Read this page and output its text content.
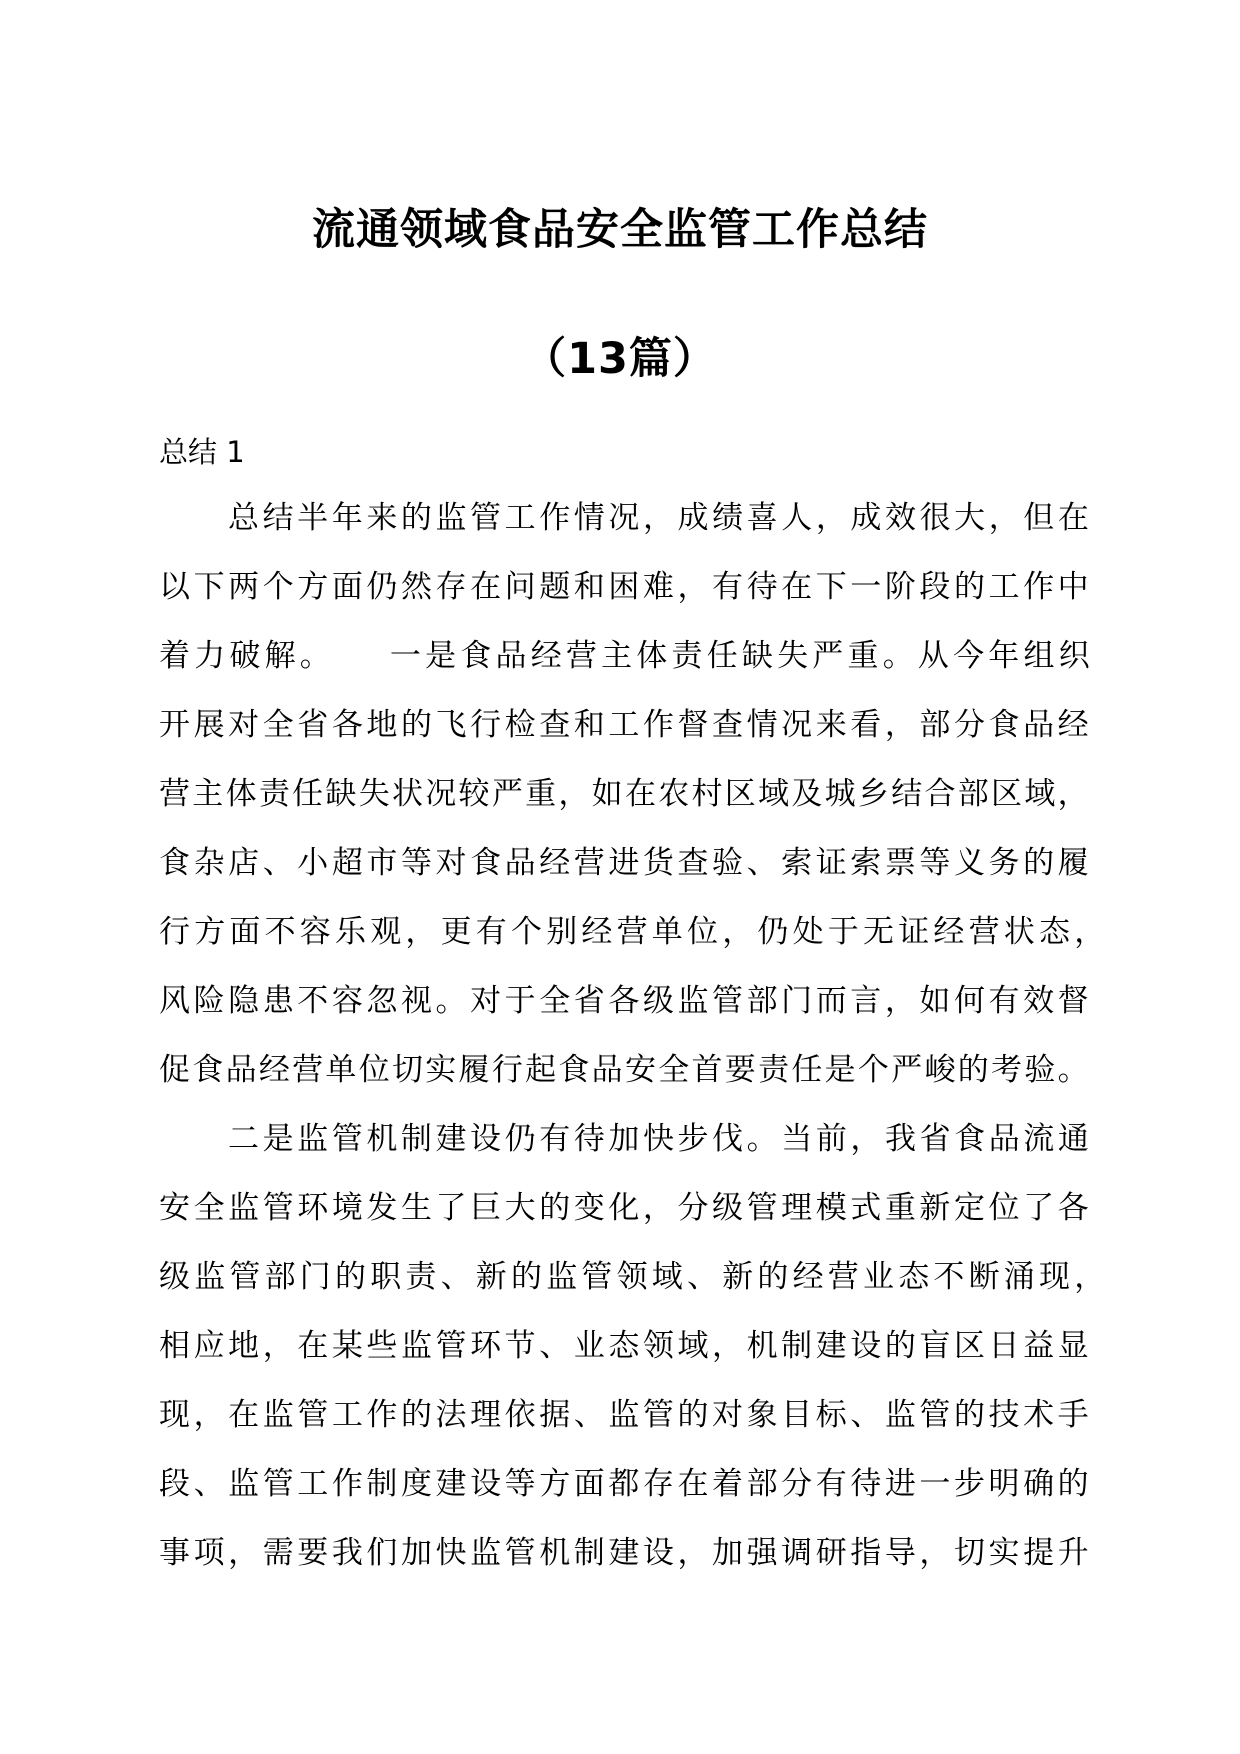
流通领域食品安全监管工作总结
（13篇）
总结 1
总 结 半 年 来 的 监 管 工 作 情 况 ， 成 绩 喜 人 ， 成 效 很 大 ， 但 在
以 下 两 个 方 面 仍 然 存 在 问 题 和 困 难 ， 有 待 在 下 一 阶 段 的 工 作 中
着力破解。　　一是食品经营主体责任缺失严重。从今年组织
开 展 对 全 省 各 地 的 飞 行 检 查 和 工 作 督 查 情 况 来 看 ， 部 分 食 品 经
营 主 体 责 任 缺 失 状 况 较 严 重 ， 如 在 农 村 区 域 及 城 乡 结 合 部 区 域 ，
食 杂 店 、 小 超 市 等 对 食 品 经 营 进 货 查 验 、 索 证 索 票 等 义 务 的 履
行方面不容乐观，更有个别经营单位，仍处于无证经营状态，
风 险 隐 患 不 容 忽 视 。 对 于 全 省 各 级 监 管 部 门 而 言 ， 如 何 有 效 督
促 食 品 经 营 单 位 切 实 履 行 起 食 品 安 全 首 要 责 任 是 个 严 峻 的 考 验 。
二 是 监 管 机 制 建 设 仍 有 待 加 快 步 伐 。 当 前 ， 我 省 食 品 流 通
安 全 监 管 环 境 发 生 了 巨 大 的 变 化 ， 分 级 管 理 模 式 重 新 定 位 了 各
级监管部门的职责、新的监管领域、新的经营业态不断涌现，
相 应 地 ， 在 某 些 监 管 环 节 、 业 态 领 域 ， 机 制 建 设 的 盲 区 日 益 显
现 ， 在 监 管 工 作 的 法 理 依 据 、 监 管 的 对 象 目 标 、 监 管 的 技 术 手
段 、 监 管 工 作 制 度 建 设 等 方 面 都 存 在 着 部 分 有 待 进 一 步 明 确 的
事 项 ， 需 要 我 们 加 快 监 管 机 制 建 设 ， 加 强 调 研 指 导 ， 切 实 提 升
